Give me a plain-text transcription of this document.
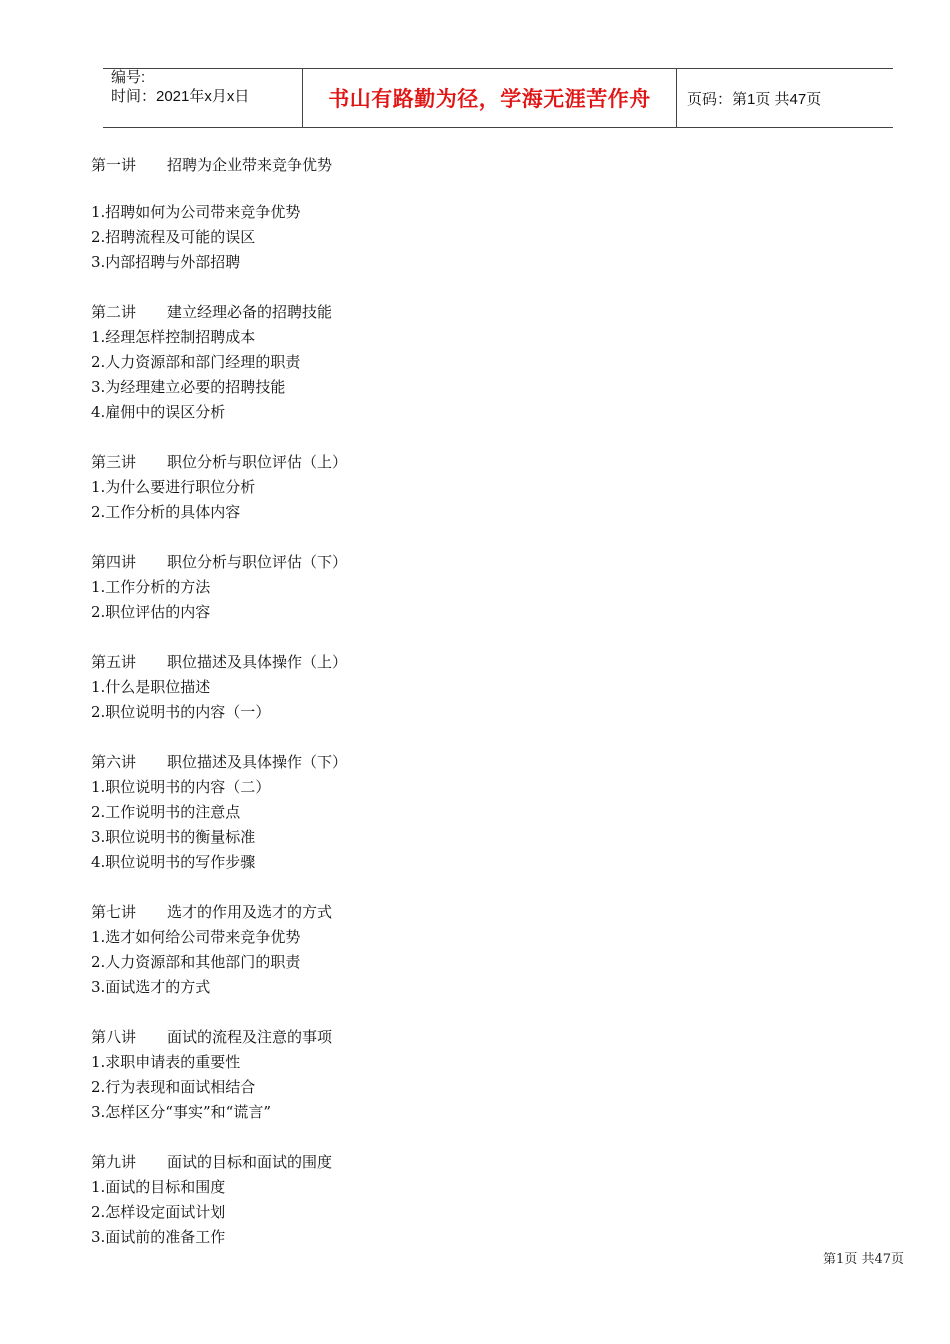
编号:
时间：2021年x月x日	书山有路勤为径，学海无涯苦作舟 页码：第1页 共47页
第一讲 招聘为企业带来竞争优势
1.招聘如何为公司带来竞争优势
2.招聘流程及可能的误区
3.内部招聘与外部招聘
第二讲 建立经理必备的招聘技能
1.经理怎样控制招聘成本
2.人力资源部和部门经理的职责
3.为经理建立必要的招聘技能
4.雇佣中的误区分析
第三讲 职位分析与职位评估（上）
1.为什么要进行职位分析
2.工作分析的具体内容
第四讲 职位分析与职位评估（下）
1.工作分析的方法
2.职位评估的内容
第五讲 职位描述及具体操作（上）
1.什么是职位描述
2.职位说明书的内容（一）
第六讲 职位描述及具体操作（下）
1.职位说明书的内容（二）
2.工作说明书的注意点
3.职位说明书的衡量标准
4.职位说明书的写作步骤
第七讲 选才的作用及选才的方式
1.选才如何给公司带来竞争优势
2.人力资源部和其他部门的职责
3.面试选才的方式
第八讲 面试的流程及注意的事项
1.求职申请表的重要性
2.行为表现和面试相结合
3.怎样区分“事实”和“谎言”
第九讲 面试的目标和面试的围度
1.面试的目标和围度
2.怎样设定面试计划
3.面试前的准备工作
第1页 共47页
